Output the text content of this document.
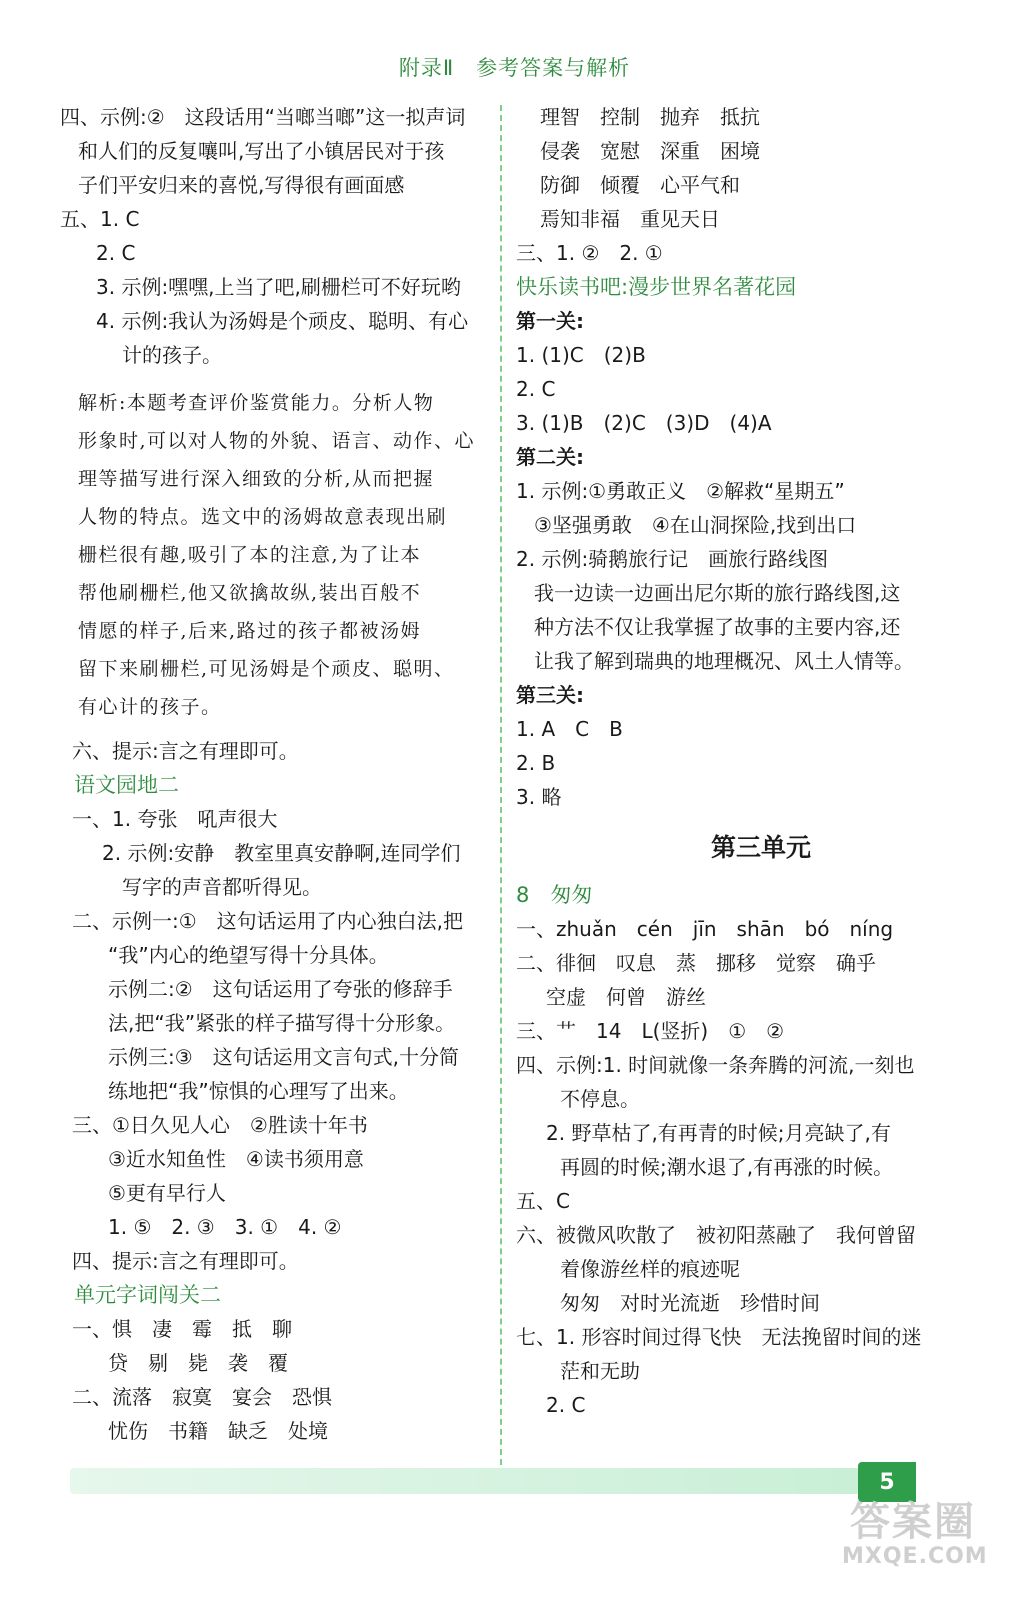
附录Ⅱ 参考答案与解析
四、示例:②　这段话用“当啷当啷”这一拟声词
和人们的反复嚷叫,写出了小镇居民对于孩
子们平安归来的喜悦,写得很有画面感
五、1. C
2. C
3. 示例:嘿嘿,上当了吧,刷栅栏可不好玩哟
4. 示例:我认为汤姆是个顽皮、聪明、有心
计的孩子。
解析:本题考查评价鉴赏能力。分析人物
形象时,可以对人物的外貌、语言、动作、心
理等描写进行深入细致的分析,从而把握
人物的特点。选文中的汤姆故意表现出刷
栅栏很有趣,吸引了本的注意,为了让本
帮他刷栅栏,他又欲擒故纵,装出百般不
情愿的样子,后来,路过的孩子都被汤姆
留下来刷栅栏,可见汤姆是个顽皮、聪明、
有心计的孩子。
六、提示:言之有理即可。
语文园地二
一、1. 夸张　吼声很大
2. 示例:安静　教室里真安静啊,连同学们
写字的声音都听得见。
二、示例一:①　这句话运用了内心独白法,把
“我”内心的绝望写得十分具体。
示例二:②　这句话运用了夸张的修辞手
法,把“我”紧张的样子描写得十分形象。
示例三:③　这句话运用文言句式,十分简
练地把“我”惊惧的心理写了出来。
三、①日久见人心　②胜读十年书
③近水知鱼性　④读书须用意
⑤更有早行人
1. ⑤　2. ③　3. ①　4. ②
四、提示:言之有理即可。
单元字词闯关二
一、惧　凄　霉　抵　聊
贷　剔　毙　袭　覆
二、流落　寂寞　宴会　恐惧
忧伤　书籍　缺乏　处境
理智　控制　抛弃　抵抗
侵袭　宽慰　深重　困境
防御　倾覆　心平气和
焉知非福　重见天日
三、1. ②　2. ①
快乐读书吧:漫步世界名著花园
第一关:
1. (1)C　(2)B
2. C
3. (1)B　(2)C　(3)D　(4)A
第二关:
1. 示例:①勇敢正义　②解救“星期五”
③坚强勇敢　④在山洞探险,找到出口
2. 示例:骑鹅旅行记　画旅行路线图
我一边读一边画出尼尔斯的旅行路线图,这
种方法不仅让我掌握了故事的主要内容,还
让我了解到瑞典的地理概况、风土人情等。
第三关:
1. A　C　B
2. B
3. 略
第三单元
8　匆匆
一、zhuǎn　cén　jīn　shān　bó　níng
二、徘徊　叹息　蒸　挪移　觉察　确乎
空虚　何曾　游丝
三、艹　14　L(竖折)　①　②
四、示例:1. 时间就像一条奔腾的河流,一刻也
不停息。
2. 野草枯了,有再青的时候;月亮缺了,有
再圆的时候;潮水退了,有再涨的时候。
五、C
六、被微风吹散了　被初阳蒸融了　我何曾留
着像游丝样的痕迹呢
匆匆　对时光流逝　珍惜时间
七、1. 形容时间过得飞快　无法挽留时间的迷
茫和无助
2. C
5
答案圈
MXQE.COM
